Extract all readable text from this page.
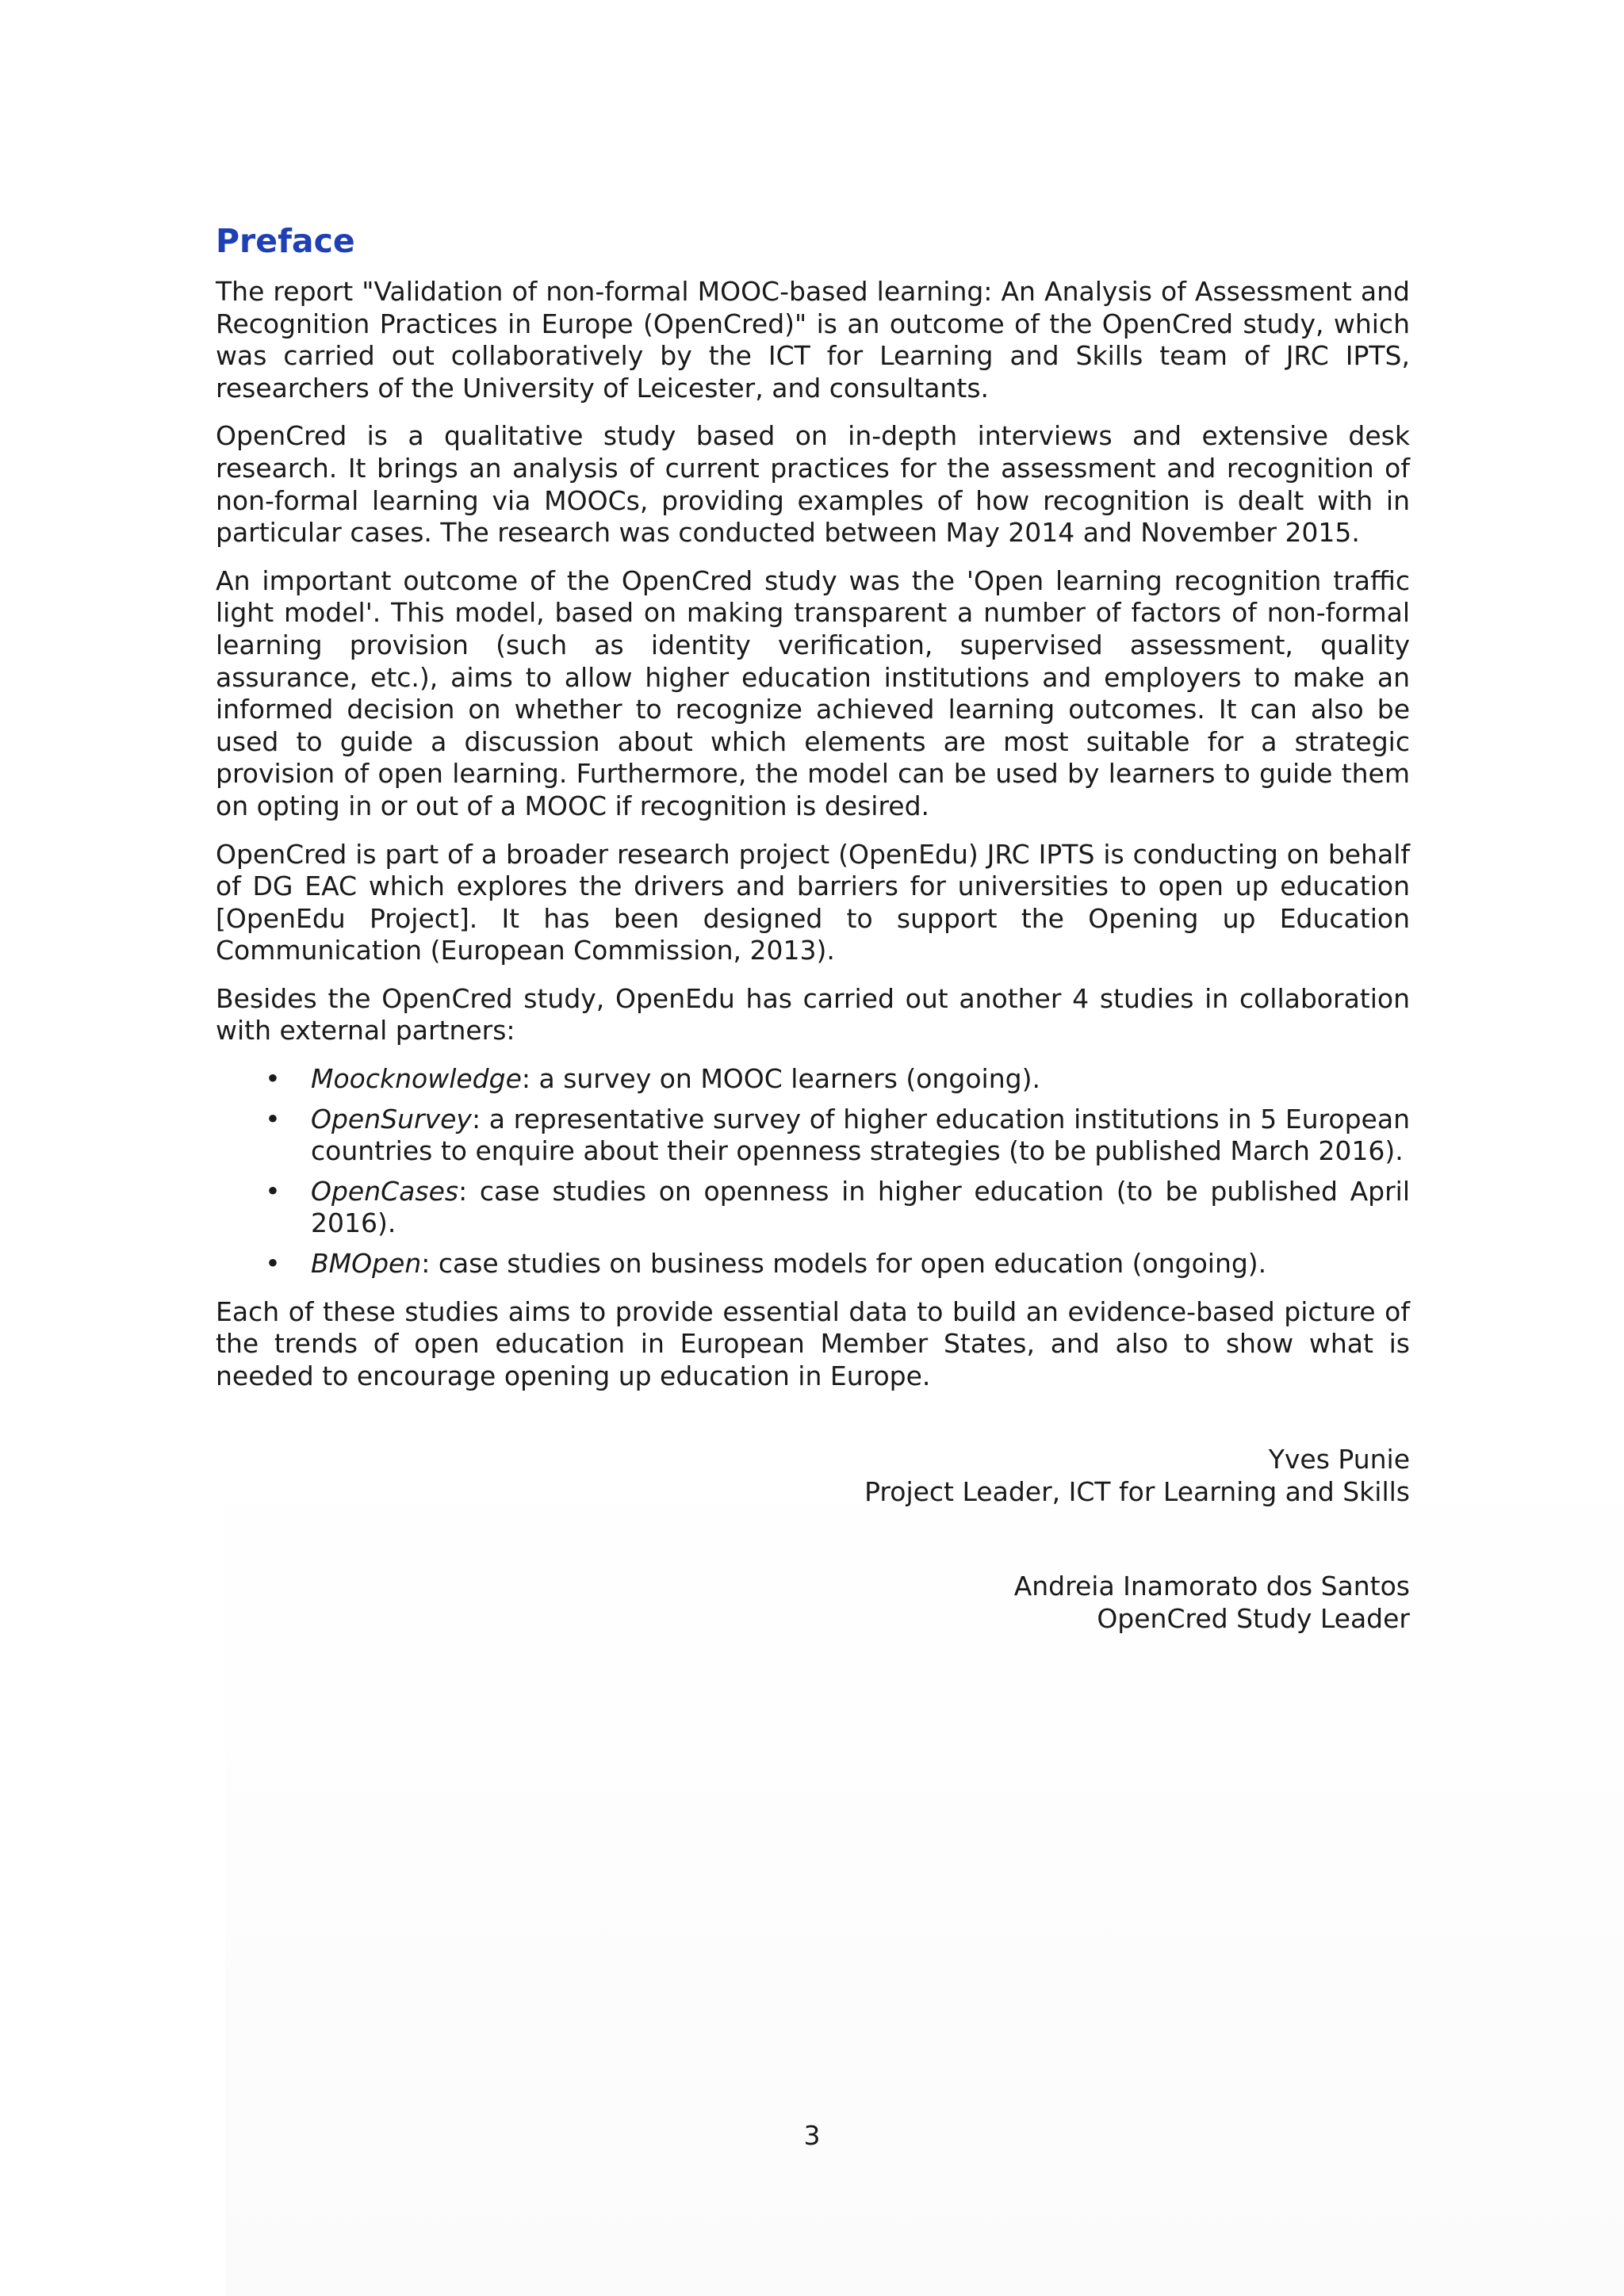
Preface

The report "Validation of non-formal MOOC-based learning: An Analysis of Assessment and Recognition Practices in Europe (OpenCred)" is an outcome of the OpenCred study, which was carried out collaboratively by the ICT for Learning and Skills team of JRC IPTS, researchers of the University of Leicester, and consultants.

OpenCred is a qualitative study based on in-depth interviews and extensive desk research. It brings an analysis of current practices for the assessment and recognition of non-formal learning via MOOCs, providing examples of how recognition is dealt with in particular cases. The research was conducted between May 2014 and November 2015.

An important outcome of the OpenCred study was the 'Open learning recognition traffic light model'. This model, based on making transparent a number of factors of non-formal learning provision (such as identity verification, supervised assessment, quality assurance, etc.), aims to allow higher education institutions and employers to make an informed decision on whether to recognize achieved learning outcomes. It can also be used to guide a discussion about which elements are most suitable for a strategic provision of open learning. Furthermore, the model can be used by learners to guide them on opting in or out of a MOOC if recognition is desired.

OpenCred is part of a broader research project (OpenEdu) JRC IPTS is conducting on behalf of DG EAC which explores the drivers and barriers for universities to open up education [OpenEdu Project]. It has been designed to support the Opening up Education Communication (European Commission, 2013).

Besides the OpenCred study, OpenEdu has carried out another 4 studies in collaboration with external partners:

• Moocknowledge: a survey on MOOC learners (ongoing).
• OpenSurvey: a representative survey of higher education institutions in 5 European countries to enquire about their openness strategies (to be published March 2016).
• OpenCases: case studies on openness in higher education (to be published April 2016).
• BMOpen: case studies on business models for open education (ongoing).

Each of these studies aims to provide essential data to build an evidence-based picture of the trends of open education in European Member States, and also to show what is needed to encourage opening up education in Europe.

Yves Punie
Project Leader, ICT for Learning and Skills
Andreia Inamorato dos Santos
OpenCred Study Leader
3
